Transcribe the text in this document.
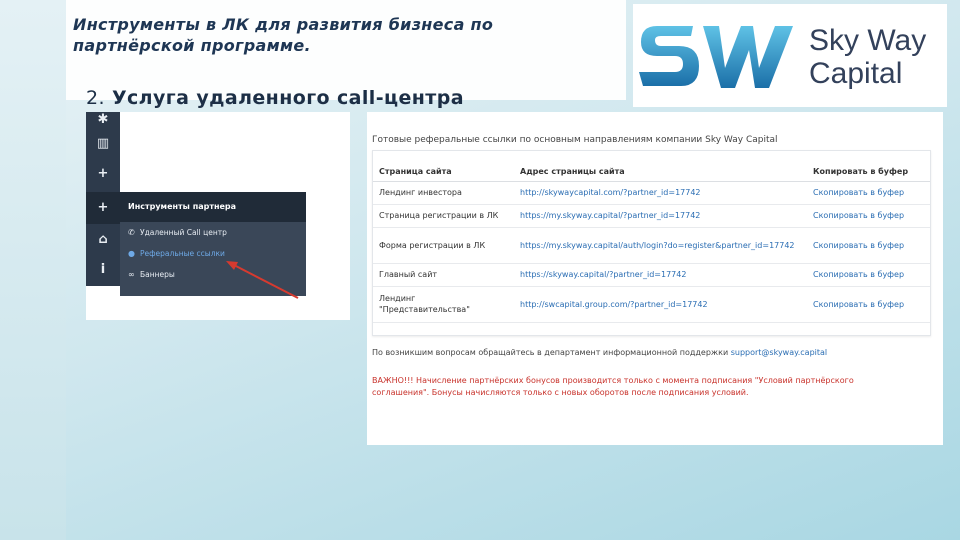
Инструменты в ЛК для развития бизнеса по партнёрской программе.
2. Услуга удаленного call-центра
Sky Way
Capital
✱
▥
+
+
⌂
i
Инструменты партнера
✆ Удаленный Call центр
● Реферальные ссылки
∞ Баннеры
Готовые реферальные ссылки по основным направлениям компании Sky Way Capital
Страница сайта	Адрес страницы сайта	Копировать в буфер
Лендинг инвестора	http://skywaycapital.com/?partner_id=17742	Скопировать в буфер
Страница регистрации в ЛК	https://my.skyway.capital/?partner_id=17742	Скопировать в буфер
Форма регистрации в ЛК	https://my.skyway.capital/auth/login?do=register&partner_id=17742	Скопировать в буфер
Главный сайт	https://skyway.capital/?partner_id=17742	Скопировать в буфер
Лендинг "Представительства"	http://swcapital.group.com/?partner_id=17742	Скопировать в буфер
По возникшим вопросам обращайтесь в департамент информационной поддержки support@skyway.capital
ВАЖНО!!! Начисление партнёрских бонусов производится только с момента подписания "Условий партнёрского соглашения". Бонусы начисляются только с новых оборотов после подписания условий.
